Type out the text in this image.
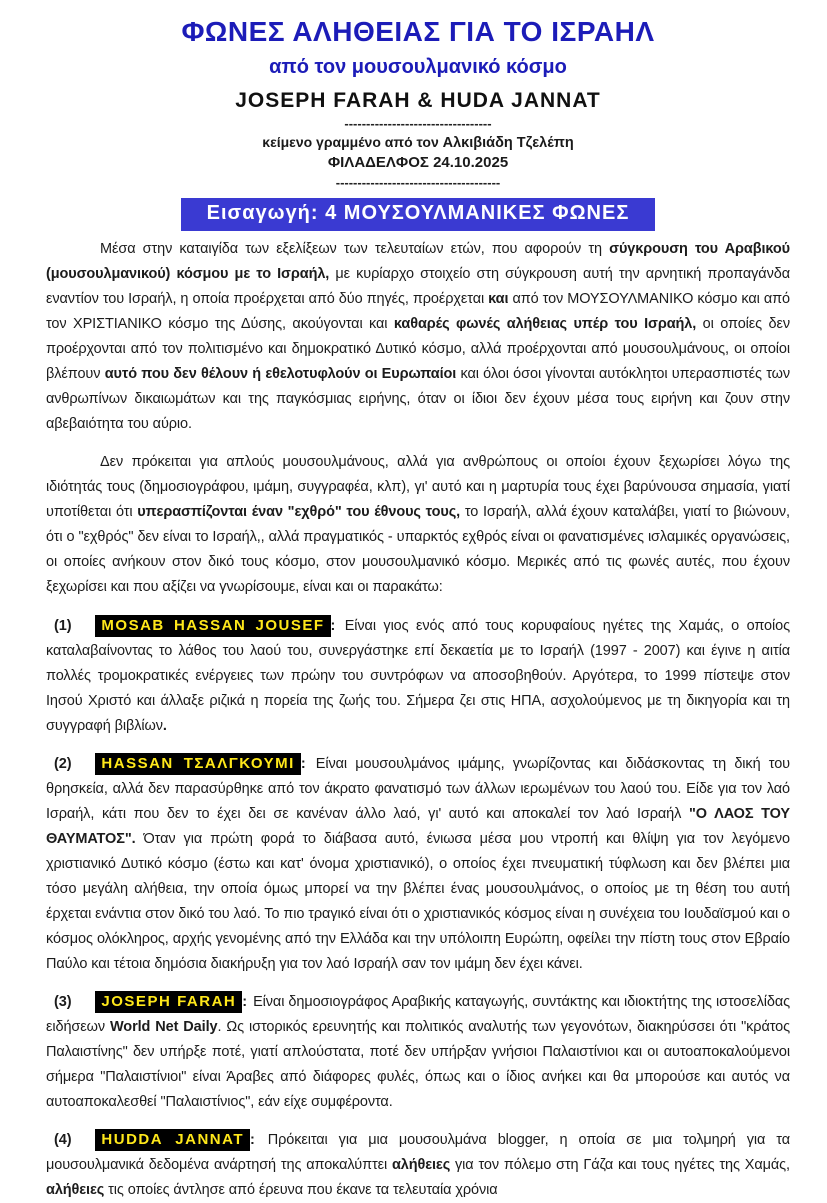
ΦΩΝΕΣ ΑΛΗΘΕΙΑΣ ΓΙΑ ΤΟ ΙΣΡΑΗΛ
από τον μουσουλμανικό κόσμο
JOSEPH FARAH & HUDA JANNAT
----------------------------------
κείμενο γραμμένο από τον Αλκιβιάδη Τζελέπη
ΦΙΛΑΔΕΛΦΟΣ 24.10.2025
--------------------------------------
Εισαγωγή: 4 ΜΟΥΣΟΥΛΜΑΝΙΚΕΣ ΦΩΝΕΣ

Μέσα στην καταιγίδα των εξελίξεων των τελευταίων ετών, που αφορούν τη σύγκρουση του Αραβικού (μουσουλμανικού) κόσμου με το Ισραήλ, με κυρίαρχο στοιχείο στη σύγκρουση αυτή την αρνητική προπαγάνδα εναντίον του Ισραήλ, η οποία προέρχεται από δύο πηγές, προέρχεται και από τον ΜΟΥΣΟΥΛΜΑΝΙΚΟ κόσμο και από τον ΧΡΙΣΤΙΑΝΙΚΟ κόσμο της Δύσης, ακούγονται και καθαρές φωνές αλήθειας υπέρ του Ισραήλ, οι οποίες δεν προέρχονται από τον πολιτισμένο και δημοκρατικό Δυτικό κόσμο, αλλά προέρχονται από μουσουλμάνους, οι οποίοι βλέπουν αυτό που δεν θέλουν ή εθελοτυφλούν οι Ευρωπαίοι και όλοι όσοι γίνονται αυτόκλητοι υπερασπιστές των ανθρωπίνων δικαιωμάτων και της παγκόσμιας ειρήνης, όταν οι ίδιοι δεν έχουν μέσα τους ειρήνη και ζουν στην αβεβαιότητα του αύριο.

Δεν πρόκειται για απλούς μουσουλμάνους, αλλά για ανθρώπους οι οποίοι έχουν ξεχωρίσει λόγω της ιδιότητάς τους (δημοσιογράφου, ιμάμη, συγγραφέα, κλπ), γι' αυτό και η μαρτυρία τους έχει βαρύνουσα σημασία, γιατί υποτίθεται ότι υπερασπίζονται έναν "εχθρό" του έθνους τους, το Ισραήλ, αλλά έχουν καταλάβει, γιατί το βιώνουν, ότι ο "εχθρός" δεν είναι το Ισραήλ,, αλλά πραγματικός - υπαρκτός εχθρός είναι οι φανατισμένες ισλαμικές οργανώσεις, οι οποίες ανήκουν στον δικό τους κόσμο, στον μουσουλμανικό κόσμο. Μερικές από τις φωνές αυτές, που έχουν ξεχωρίσει και που αξίζει να γνωρίσουμε, είναι και οι παρακάτω:

(1) MOSAB HASSAN JOUSEF : Είναι γιος ενός από τους κορυφαίους ηγέτες της Χαμάς, ο οποίος καταλαβαίνοντας το λάθος του λαού του, συνεργάστηκε επί δεκαετία με το Ισραήλ (1997 - 2007) και έγινε η αιτία πολλές τρομοκρατικές ενέργειες των πρώην του συντρόφων να αποσοβηθούν. Αργότερα, το 1999 πίστεψε στον Ιησού Χριστό και άλλαξε ριζικά η πορεία της ζωής του. Σήμερα ζει στις ΗΠΑ, ασχολούμενος με τη δικηγορία και τη συγγραφή βιβλίων.

(2) HASSAN ΤΣΑΛΓΚΟΥΜΙ : Είναι μουσουλμάνος ιμάμης, γνωρίζοντας και διδάσκοντας τη δική του θρησκεία, αλλά δεν παρασύρθηκε από τον άκρατο φανατισμό των άλλων ιερωμένων του λαού του. Είδε για τον λαό Ισραήλ, κάτι που δεν το έχει δει σε κανέναν άλλο λαό, γι' αυτό και αποκαλεί τον λαό Ισραήλ "Ο ΛΑΟΣ ΤΟΥ ΘΑΥΜΑΤΟΣ". Όταν για πρώτη φορά το διάβασα αυτό, ένιωσα μέσα μου ντροπή και θλίψη για τον λεγόμενο χριστιανικό Δυτικό κόσμο (έστω και κατ' όνομα χριστιανικό), ο οποίος έχει πνευματική τύφλωση και δεν βλέπει μια τόσο μεγάλη αλήθεια, την οποία όμως μπορεί να την βλέπει ένας μουσουλμάνος, ο οποίος με τη θέση του αυτή έρχεται ενάντια στον δικό του λαό. Το πιο τραγικό είναι ότι ο χριστιανικός κόσμος είναι η συνέχεια του Ιουδαϊσμού και ο κόσμος ολόκληρος, αρχής γενομένης από την Ελλάδα και την υπόλοιπη Ευρώπη, οφείλει την πίστη τους στον Εβραίο Παύλο και τέτοια δημόσια διακήρυξη για τον λαό Ισραήλ σαν τον ιμάμη δεν έχει κάνει.

(3) JOSEPH FARAH : Είναι δημοσιογράφος Αραβικής καταγωγής, συντάκτης και ιδιοκτήτης της ιστοσελίδας ειδήσεων World Net Daily. Ως ιστορικός ερευνητής και πολιτικός αναλυτής των γεγονότων, διακηρύσσει ότι "κράτος Παλαιστίνης" δεν υπήρξε ποτέ, γιατί απλούστατα, ποτέ δεν υπήρξαν γνήσιοι Παλαιστίνιοι και οι αυτοαποκαλούμενοι σήμερα "Παλαιστίνιοι" είναι Άραβες από διάφορες φυλές, όπως και ο ίδιος ανήκει και θα μπορούσε και αυτός να αυτοαποκαλεσθεί "Παλαιστίνιος", εάν είχε συμφέροντα.

(4) HUDDA JANNAT : Πρόκειται για μια μουσουλμάνα blogger, η οποία σε μια τολμηρή για τα μουσουλμανικά δεδομένα ανάρτησή της αποκαλύπτει αλήθειες για τον πόλεμο στη Γάζα και τους ηγέτες της Χαμάς, αλήθειες τις οποίες άντλησε από έρευνα που έκανε τα τελευταία χρόνια
